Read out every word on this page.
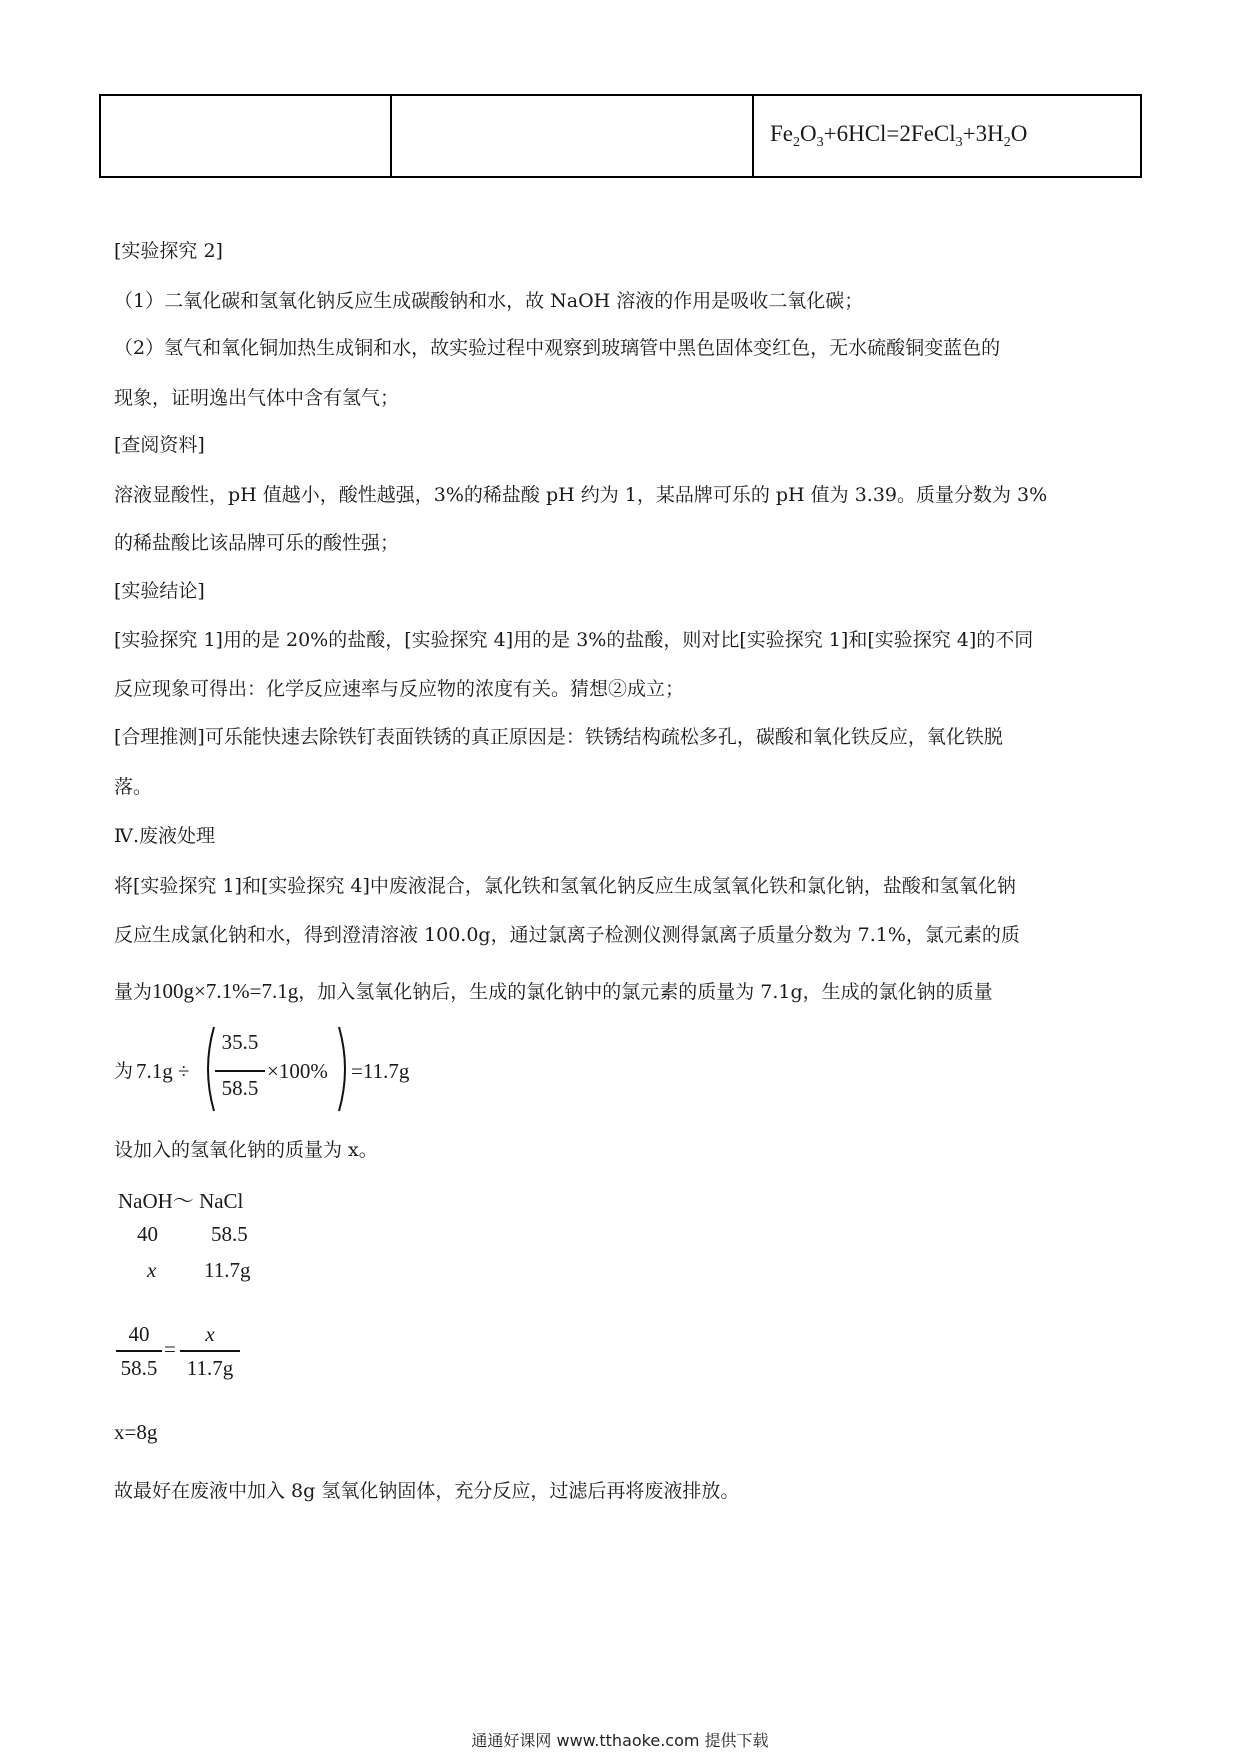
$Fe_2O_3+6HCl=2FeCl_3+3H_2O$
[实验探究 2]
（1）二氧化碳和氢氧化钠反应生成碳酸钠和水，故 NaOH 溶液的作用是吸收二氧化碳；
（2）氢气和氧化铜加热生成铜和水，故实验过程中观察到玻璃管中黑色固体变红色，无水硫酸铜变蓝色的
现象，证明逸出气体中含有氢气；
[查阅资料]
溶液显酸性，pH 值越小，酸性越强，3%的稀盐酸 pH 约为 1，某品牌可乐的 pH 值为 3.39。质量分数为 3%
的稀盐酸比该品牌可乐的酸性强；
[实验结论]
[实验探究 1]用的是 20%的盐酸，[实验探究 4]用的是 3%的盐酸，则对比[实验探究 1]和[实验探究 4]的不同
反应现象可得出：化学反应速率与反应物的浓度有关。猜想②成立；
[合理推测]可乐能快速去除铁钉表面铁锈的真正原因是：铁锈结构疏松多孔，碳酸和氧化铁反应，氧化铁脱
落。
Ⅳ.废液处理
将[实验探究 1]和[实验探究 4]中废液混合，氯化铁和氢氧化钠反应生成氢氧化铁和氯化钠，盐酸和氢氧化钠
反应生成氯化钠和水，得到澄清溶液 100.0g，通过氯离子检测仪测得氯离子质量分数为 7.1%，氯元素的质
量为100g×7.1%=7.1g，加入氢氧化钠后，生成的氯化钠中的氯元素的质量为 7.1g，生成的氯化钠的质量
为 7.1g ÷
35.5
58.5
×100% =11.7g
设加入的氢氧化钠的质量为 x。
NaOH〜 NaCl
40	58.5
x 11.7g
40
58.5
=
x
11.7g
x=8g
故最好在废液中加入 8g 氢氧化钠固体，充分反应，过滤后再将废液排放。
通通好课网 www.tthaoke.com 提供下载
